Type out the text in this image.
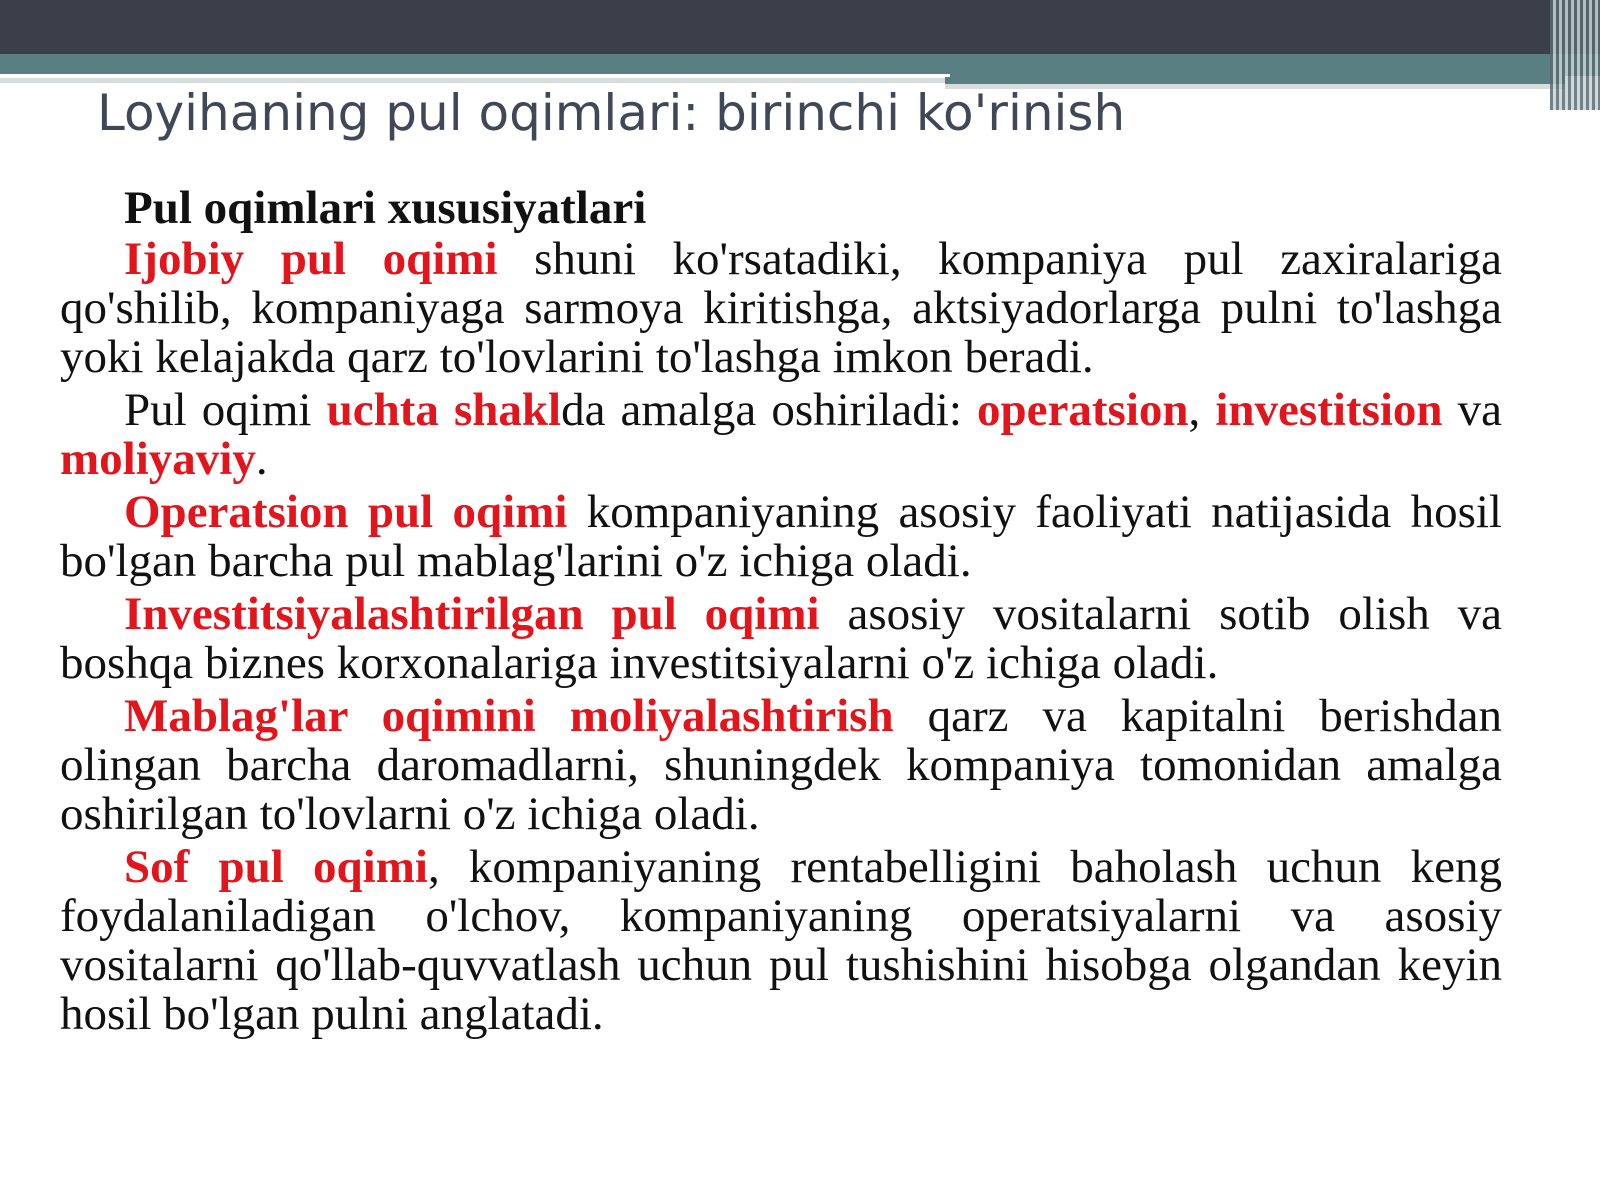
Loyihaning pul oqimlari: birinchi ko'rinish

Pul oqimlari xususiyatlari

Ijobiy pul oqimi shuni ko'rsatadiki, kompaniya pul zaxiralariga qo'shilib, kompaniyaga sarmoya kiritishga, aktsiyadorlarga pulni to'lashga yoki kelajakda qarz to'lovlarini to'lashga imkon beradi.

Pul oqimi uchta shaklda amalga oshiriladi: operatsion, investitsion va moliyaviy.

Operatsion pul oqimi kompaniyaning asosiy faoliyati natijasida hosil bo'lgan barcha pul mablag'larini o'z ichiga oladi.

Investitsiyalashtirilgan pul oqimi asosiy vositalarni sotib olish va boshqa biznes korxonalariga investitsiyalarni o'z ichiga oladi.

Mablag'lar oqimini moliyalashtirish qarz va kapitalni berishdan olingan barcha daromadlarni, shuningdek kompaniya tomonidan amalga oshirilgan to'lovlarni o'z ichiga oladi.

Sof pul oqimi, kompaniyaning rentabelligini baholash uchun keng foydalaniladigan o'lchov, kompaniyaning operatsiyalarni va asosiy vositalarni qo'llab-quvvatlash uchun pul tushishini hisobga olgandan keyin hosil bo'lgan pulni anglatadi.
